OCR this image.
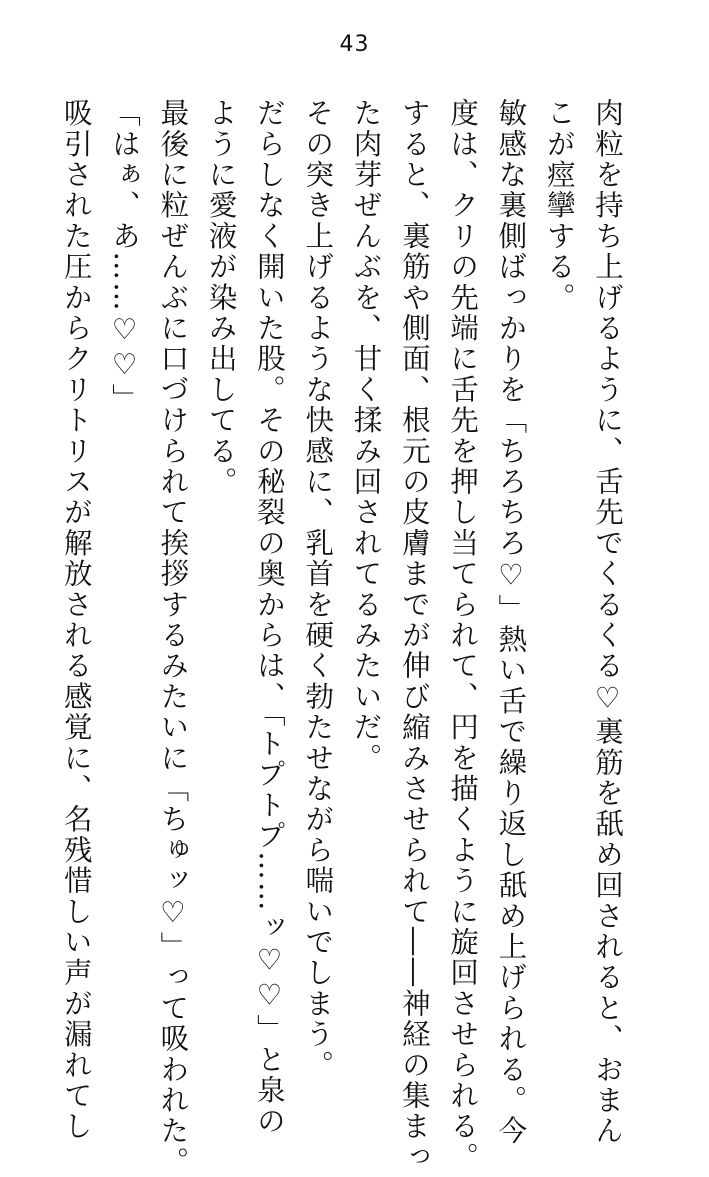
43

肉粒を持ち上げるように、舌先でくるくる♡裏筋を舐め回されると、おまん

こが痙攣する。

敏感な裏側ばっかりを「ちろちろ♡」熱い舌で繰り返し舐め上げられる。今

度は、クリの先端に舌先を押し当てられて、円を描くように旋回させられる。

すると、裏筋や側面、根元の皮膚までが伸び縮みさせられて――神経の集まっ

た肉芽ぜんぶを、甘く揉み回されてるみたいだ。

その突き上げるような快感に、乳首を硬く勃たせながら喘いでしまう。

だらしなく開いた股。その秘裂の奥からは、「トプトプ……ッ♡♡」と泉の

ように愛液が染み出してる。

最後に粒ぜんぶに口づけられて挨拶するみたいに「ちゅッ♡」って吸われた。

「はぁ、あ……♡♡」

吸引された圧からクリトリスが解放される感覚に、名残惜しい声が漏れてし
